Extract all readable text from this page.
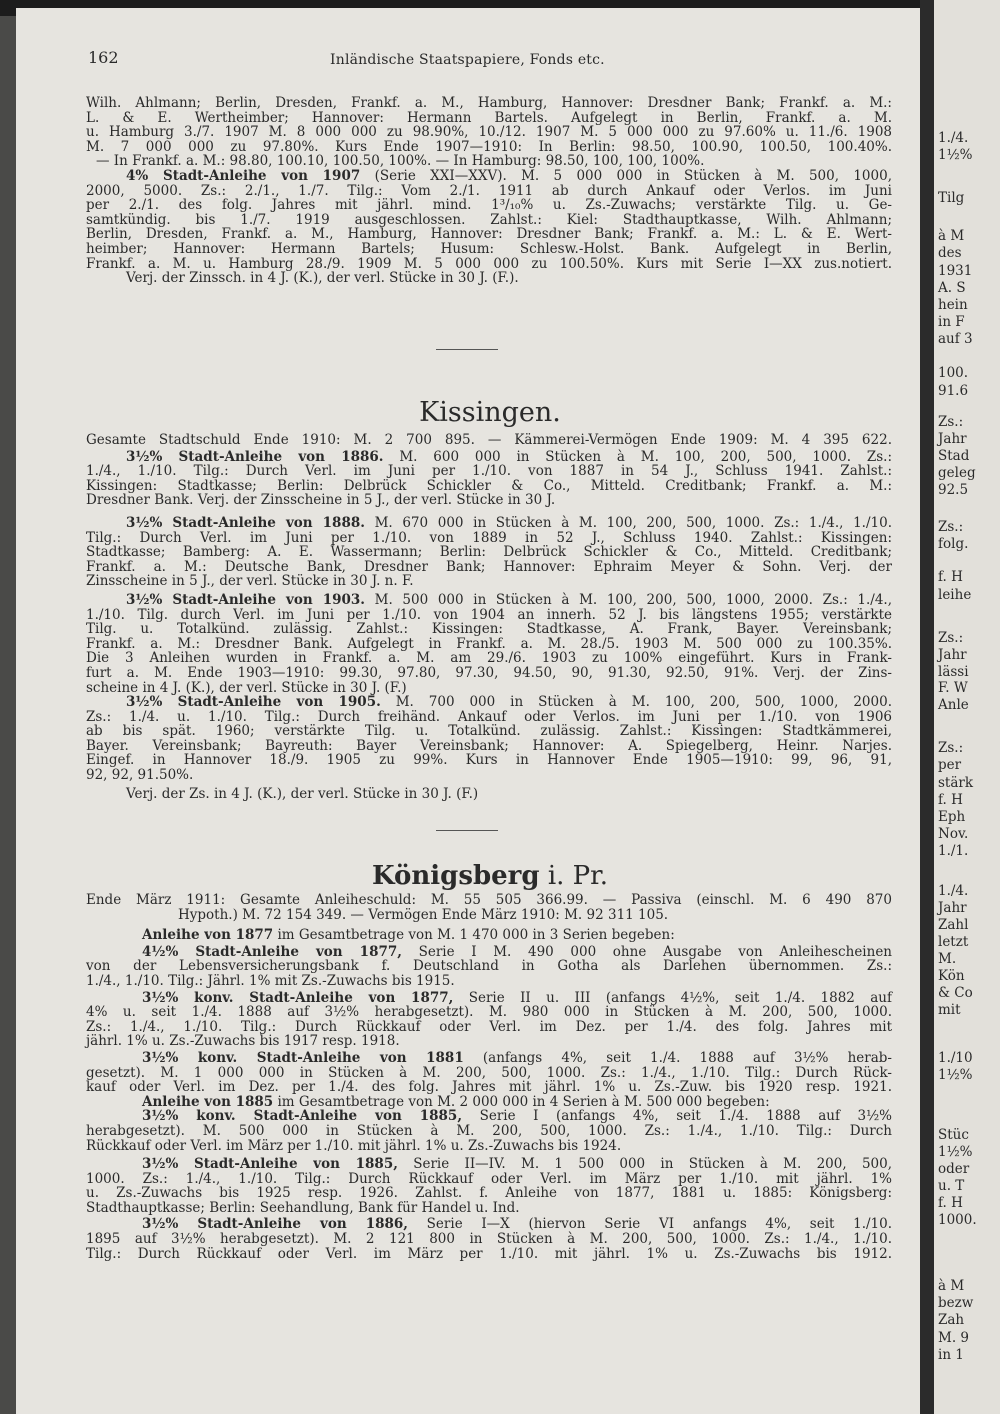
1./4.
1½%
Tilg
à M
des
1931
A. S
hein
in F
auf 3
100.
91.6
Zs.:
Jahr
Stad
geleg
92.5
Zs.:
folg.
f. H
leihe
Zs.:
Jahr
lässi
F. W
Anle
Zs.:
per
stärk
f. H
Eph
Nov.
1./1.
1./4.
Jahr
Zahl
letzt
M.
Kön
& Co
mit
1./10
1½%
Stüc
1½%
oder
u. T
f. H
1000.
à M
bezw
Zah
M. 9
in 1
162	Inländische Staatspapiere, Fonds etc.

Wilh. Ahlmann; Berlin, Dresden, Frankf. a. M., Hamburg, Hannover: Dresdner Bank; Frankf. a. M.:
L. & E. Wertheimber; Hannover: Hermann Bartels. Aufgelegt in Berlin, Frankf. a. M.
u. Hamburg 3./7. 1907 M. 8 000 000 zu 98.90%, 10./12. 1907 M. 5 000 000 zu 97.60% u. 11./6. 1908
M. 7 000 000 zu 97.80%. Kurs Ende 1907—1910: In Berlin: 98.50, 100.90, 100.50, 100.40%.
— In Frankf. a. M.: 98.80, 100.10, 100.50, 100%. — In Hamburg: 98.50, 100, 100, 100%.

4% Stadt-Anleihe von 1907 (Serie XXI—XXV). M. 5 000 000 in Stücken à M. 500, 1000,
2000, 5000. Zs.: 2./1., 1./7. Tilg.: Vom 2./1. 1911 ab durch Ankauf oder Verlos. im Juni
per 2./1. des folg. Jahres mit jährl. mind. 1³/₁₀% u. Zs.-Zuwachs; verstärkte Tilg. u. Ge-
samtkündig. bis 1./7. 1919 ausgeschlossen. Zahlst.: Kiel: Stadthauptkasse, Wilh. Ahlmann;
Berlin, Dresden, Frankf. a. M., Hamburg, Hannover: Dresdner Bank; Frankf. a. M.: L. & E. Wert-
heimber; Hannover: Hermann Bartels; Husum: Schlesw.-Holst. Bank. Aufgelegt in Berlin,
Frankf. a. M. u. Hamburg 28./9. 1909 M. 5 000 000 zu 100.50%. Kurs mit Serie I—XX zus.notiert.
Verj. der Zinssch. in 4 J. (K.), der verl. Stücke in 30 J. (F.).

Kissingen.
Gesamte Stadtschuld Ende 1910: M. 2 700 895. — Kämmerei-Vermögen Ende 1909: M. 4 395 622.

3½% Stadt-Anleihe von 1886. M. 600 000 in Stücken à M. 100, 200, 500, 1000. Zs.:
1./4., 1./10. Tilg.: Durch Verl. im Juni per 1./10. von 1887 in 54 J., Schluss 1941. Zahlst.:
Kissingen: Stadtkasse; Berlin: Delbrück Schickler & Co., Mitteld. Creditbank; Frankf. a. M.:
Dresdner Bank. Verj. der Zinsscheine in 5 J., der verl. Stücke in 30 J.

3½% Stadt-Anleihe von 1888. M. 670 000 in Stücken à M. 100, 200, 500, 1000. Zs.: 1./4., 1./10.
Tilg.: Durch Verl. im Juni per 1./10. von 1889 in 52 J., Schluss 1940. Zahlst.: Kissingen:
Stadtkasse; Bamberg: A. E. Wassermann; Berlin: Delbrück Schickler & Co., Mitteld. Creditbank;
Frankf. a. M.: Deutsche Bank, Dresdner Bank; Hannover: Ephraim Meyer & Sohn. Verj. der
Zinsscheine in 5 J., der verl. Stücke in 30 J. n. F.

3½% Stadt-Anleihe von 1903. M. 500 000 in Stücken à M. 100, 200, 500, 1000, 2000. Zs.: 1./4.,
1./10. Tilg. durch Verl. im Juni per 1./10. von 1904 an innerh. 52 J. bis längstens 1955; verstärkte
Tilg. u. Totalkünd. zulässig. Zahlst.: Kissingen: Stadtkasse, A. Frank, Bayer. Vereinsbank;
Frankf. a. M.: Dresdner Bank. Aufgelegt in Frankf. a. M. 28./5. 1903 M. 500 000 zu 100.35%.
Die 3 Anleihen wurden in Frankf. a. M. am 29./6. 1903 zu 100% eingeführt. Kurs in Frank-
furt a. M. Ende 1903—1910: 99.30, 97.80, 97.30, 94.50, 90, 91.30, 92.50, 91%. Verj. der Zins-
scheine in 4 J. (K.), der verl. Stücke in 30 J. (F.)

3½% Stadt-Anleihe von 1905. M. 700 000 in Stücken à M. 100, 200, 500, 1000, 2000.
Zs.: 1./4. u. 1./10. Tilg.: Durch freihänd. Ankauf oder Verlos. im Juni per 1./10. von 1906
ab bis spät. 1960; verstärkte Tilg. u. Totalkünd. zulässig. Zahlst.: Kissingen: Stadtkämmerei,
Bayer. Vereinsbank; Bayreuth: Bayer Vereinsbank; Hannover: A. Spiegelberg, Heinr. Narjes.
Eingef. in Hannover 18./9. 1905 zu 99%. Kurs in Hannover Ende 1905—1910: 99, 96, 91,
92, 92, 91.50%.
Verj. der Zs. in 4 J. (K.), der verl. Stücke in 30 J. (F.)

Königsberg i. Pr.

Ende März 1911: Gesamte Anleiheschuld: M. 55 505 366.99. — Passiva (einschl. M. 6 490 870
Hypoth.) M. 72 154 349. — Vermögen Ende März 1910: M. 92 311 105.

Anleihe von 1877 im Gesamtbetrage von M. 1 470 000 in 3 Serien begeben:

4½% Stadt-Anleihe von 1877, Serie I M. 490 000 ohne Ausgabe von Anleihescheinen
von der Lebensversicherungsbank f. Deutschland in Gotha als Darlehen übernommen. Zs.:
1./4., 1./10. Tilg.: Jährl. 1% mit Zs.-Zuwachs bis 1915.

3½% konv. Stadt-Anleihe von 1877, Serie II u. III (anfangs 4½%, seit 1./4. 1882 auf
4% u. seit 1./4. 1888 auf 3½% herabgesetzt). M. 980 000 in Stücken à M. 200, 500, 1000.
Zs.: 1./4., 1./10. Tilg.: Durch Rückkauf oder Verl. im Dez. per 1./4. des folg. Jahres mit
jährl. 1% u. Zs.-Zuwachs bis 1917 resp. 1918.

3½% konv. Stadt-Anleihe von 1881 (anfangs 4%, seit 1./4. 1888 auf 3½% herab-
gesetzt). M. 1 000 000 in Stücken à M. 200, 500, 1000. Zs.: 1./4., 1./10. Tilg.: Durch Rück-
kauf oder Verl. im Dez. per 1./4. des folg. Jahres mit jährl. 1% u. Zs.-Zuw. bis 1920 resp. 1921.

Anleihe von 1885 im Gesamtbetrage von M. 2 000 000 in 4 Serien à M. 500 000 begeben:

3½% konv. Stadt-Anleihe von 1885, Serie I (anfangs 4%, seit 1./4. 1888 auf 3½%
herabgesetzt). M. 500 000 in Stücken à M. 200, 500, 1000. Zs.: 1./4., 1./10. Tilg.: Durch
Rückkauf oder Verl. im März per 1./10. mit jährl. 1% u. Zs.-Zuwachs bis 1924.

3½% Stadt-Anleihe von 1885, Serie II—IV. M. 1 500 000 in Stücken à M. 200, 500,
1000. Zs.: 1./4., 1./10. Tilg.: Durch Rückkauf oder Verl. im März per 1./10. mit jährl. 1%
u. Zs.-Zuwachs bis 1925 resp. 1926. Zahlst. f. Anleihe von 1877, 1881 u. 1885: Königsberg:
Stadthauptkasse; Berlin: Seehandlung, Bank für Handel u. Ind.

3½% Stadt-Anleihe von 1886, Serie I—X (hiervon Serie VI anfangs 4%, seit 1./10.
1895 auf 3½% herabgesetzt). M. 2 121 800 in Stücken à M. 200, 500, 1000. Zs.: 1./4., 1./10.
Tilg.: Durch Rückkauf oder Verl. im März per 1./10. mit jährl. 1% u. Zs.-Zuwachs bis 1912.
